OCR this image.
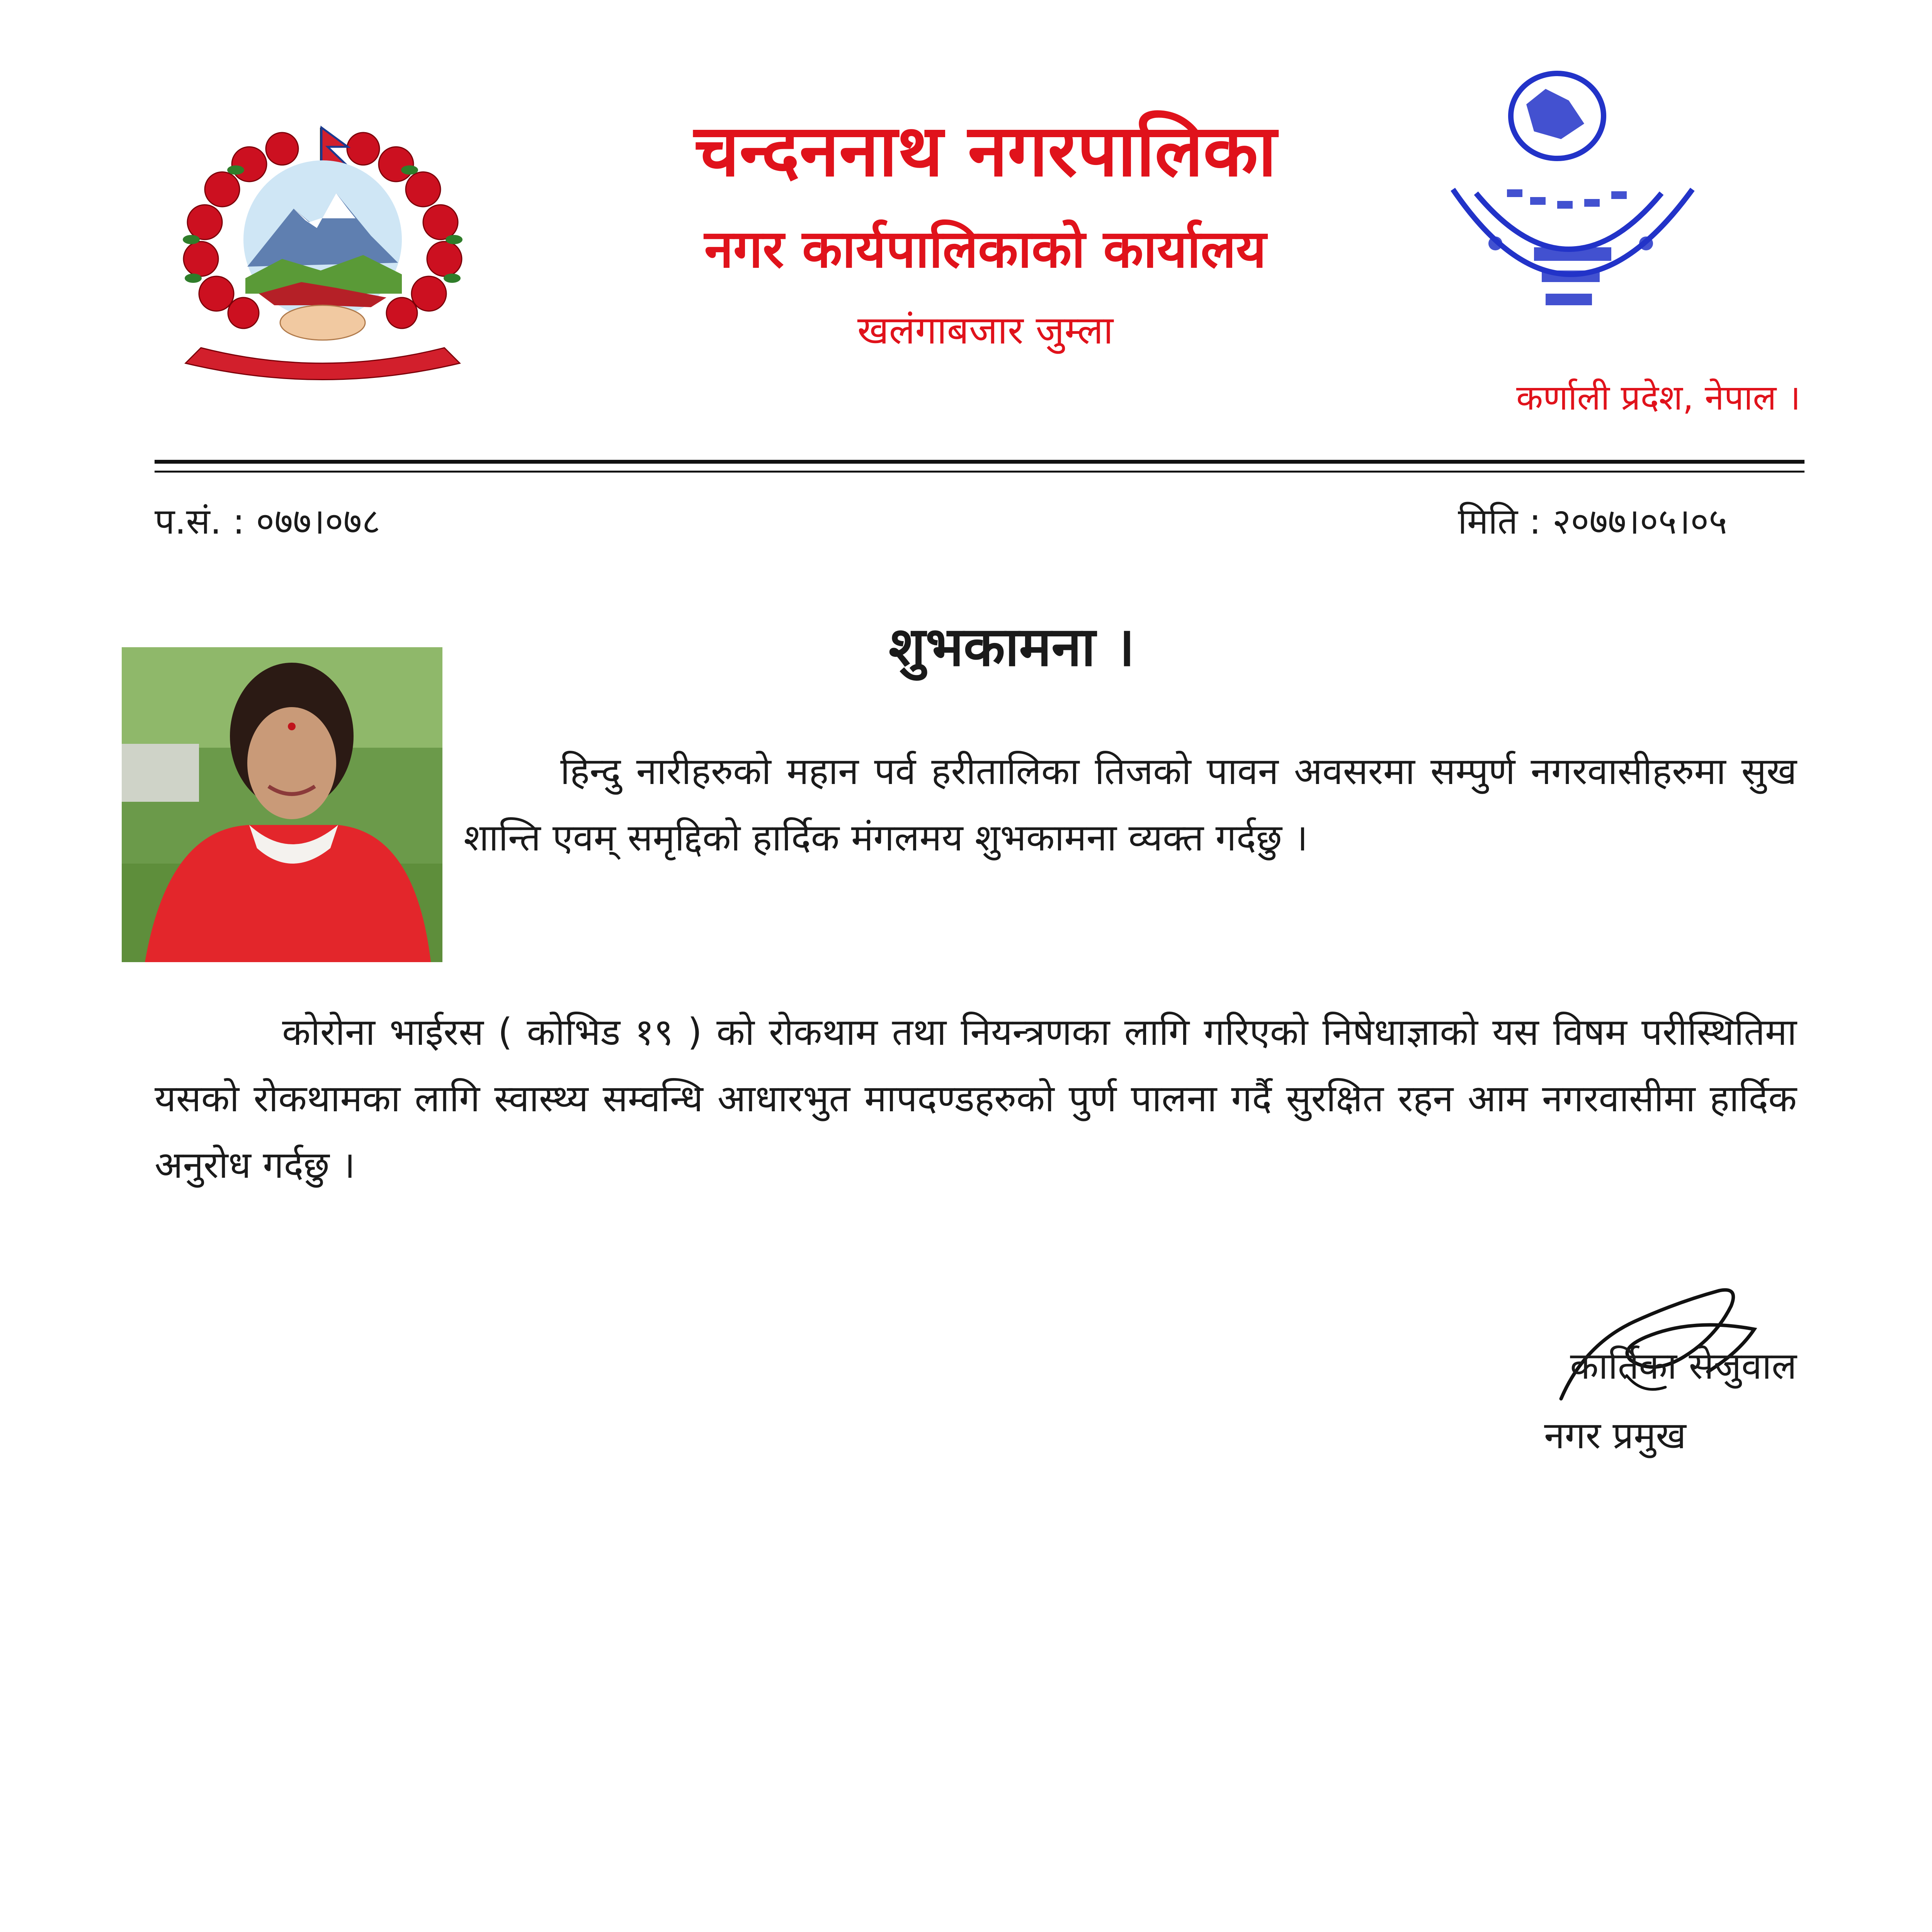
चन्दननाथ नगरपालिका
नगर कार्यपालिकाको कार्यालय
खलंगाबजार जुम्ला
कर्णाली प्रदेश, नेपाल ।
प.सं. : ०७७।०७८	मिति : २०७७।०५।०५
शुभकामना ।
हिन्दु नारीहरुको महान पर्व हरीतालिका तिजको पावन अवसरमा सम्पुर्ण नगरवासीहरुमा सुख शान्ति एवम् समृद्दिको हार्दिक मंगलमय शुभकामना व्यक्त गर्दछु ।
कोरोना भाईरस ( कोभिड १९ ) को रोकथाम तथा नियन्त्रणका लागि गरिएको निषेधाज्ञाको यस विषम परीस्थितिमा यसको रोकथामका लागि स्वास्थ्य सम्वन्धि आधारभुत मापदण्डहरुको पुर्ण पालना गर्दै सुरक्षित रहन आम नगरवासीमा हार्दिक अनुरोध गर्दछु ।
कार्तिका सेजुवाल
नगर प्रमुख
